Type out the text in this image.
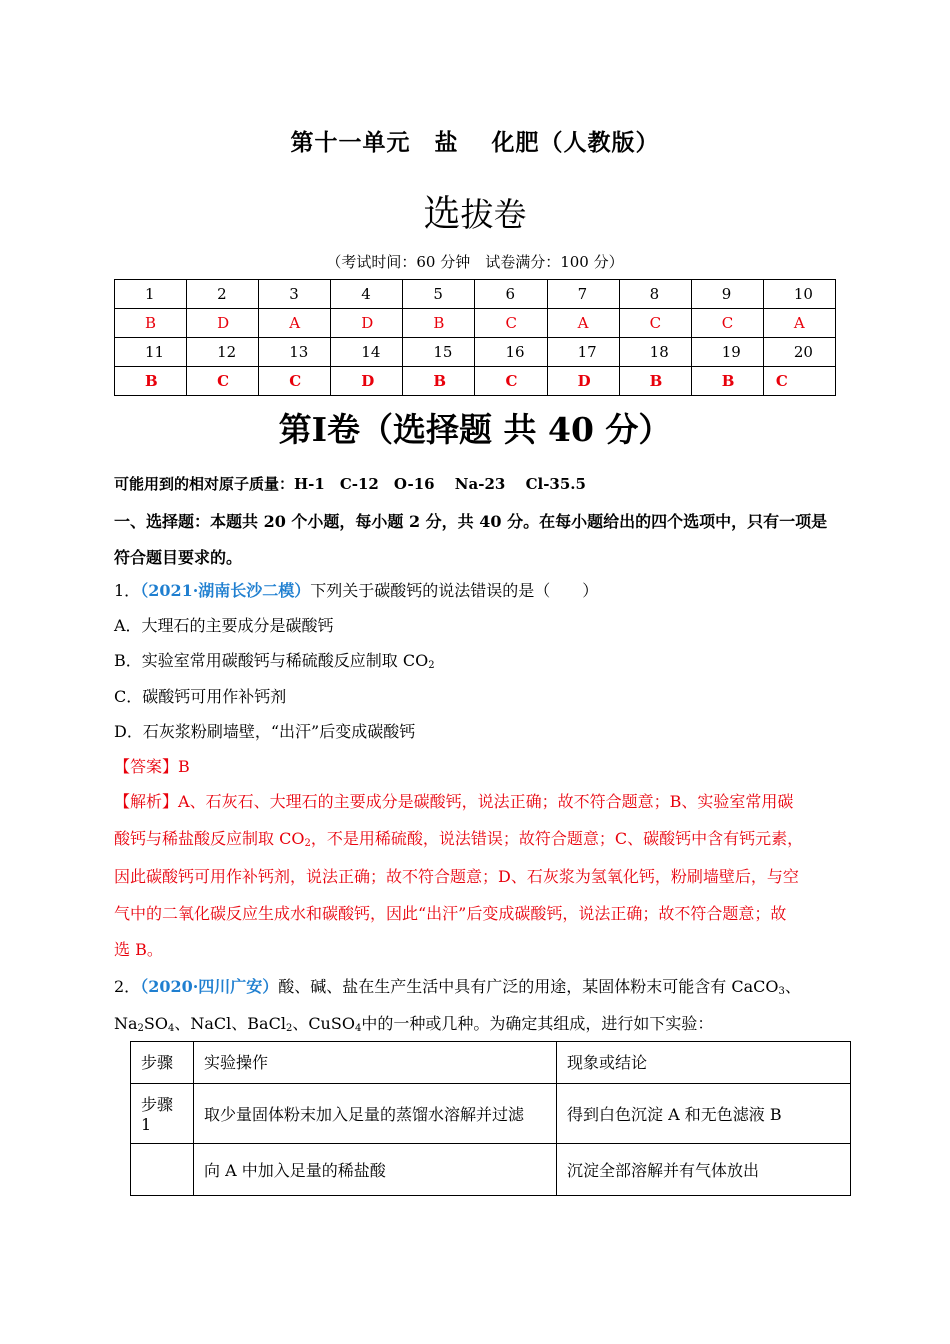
第十一单元　盐　 化肥（人教版）
选拔卷
（考试时间：60 分钟　试卷满分：100 分）
1	2	3	4	5	6	7	8	9	10
B	D	A	D	B	C	A	C	C	A
11	12	13	14	15	16	17	18	19	20
B	C	C	D	B	C	D	B	B	C
第Ⅰ卷（选择题 共 40 分）
可能用到的相对原子质量：H-1　C-12　O-16　 Na-23　 Cl-35.5
一、选择题：本题共 20 个小题，每小题 2 分，共 40 分。在每小题给出的四个选项中，只有一项是
符合题目要求的。
1．（2021·湖南长沙二模）下列关于碳酸钙的说法错误的是（　　）
A．大理石的主要成分是碳酸钙
B．实验室常用碳酸钙与稀硫酸反应制取 $CO_2$
C．碳酸钙可用作补钙剂
D．石灰浆粉刷墙壁，“出汗”后变成碳酸钙
【答案】B
【解析】A、石灰石、大理石的主要成分是碳酸钙，说法正确；故不符合题意；B、实验室常用碳
酸钙与稀盐酸反应制取 $CO_2$，不是用稀硫酸，说法错误；故符合题意；C、碳酸钙中含有钙元素，
因此碳酸钙可用作补钙剂，说法正确；故不符合题意；D、石灰浆为氢氧化钙，粉刷墙壁后，与空
气中的二氧化碳反应生成水和碳酸钙，因此“出汗”后变成碳酸钙，说法正确；故不符合题意；故
选 B。
2．（2020·四川广安）酸、碱、盐在生产生活中具有广泛的用途，某固体粉末可能含有 CaCO$_3$、
$Na_2SO_4$、NaCl、BaCl$_2$、CuSO$_4$中的一种或几种。为确定其组成，进行如下实验：
步骤	实验操作	现象或结论
步骤1	取少量固体粉末加入足量的蒸馏水溶解并过滤	得到白色沉淀 A 和无色滤液 B
	向 A 中加入足量的稀盐酸	沉淀全部溶解并有气体放出
